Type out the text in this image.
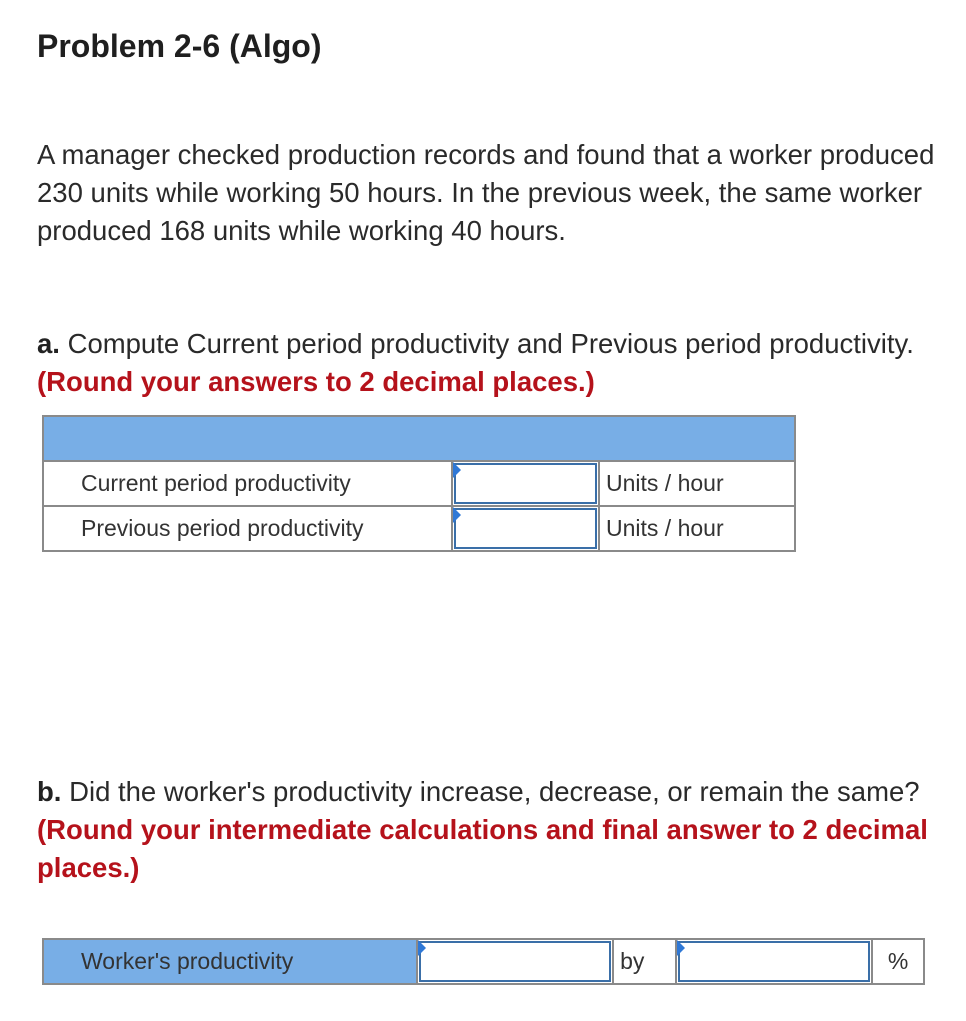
Problem 2-6 (Algo)

A manager checked production records and found that a worker produced 230 units while working 50 hours. In the previous week, the same worker produced 168 units while working 40 hours.

a. Compute Current period productivity and Previous period productivity. (Round your answers to 2 decimal places.)

Current period productivity		Units / hour
Previous period productivity		Units / hour

b. Did the worker's productivity increase, decrease, or remain the same? (Round your intermediate calculations and final answer to 2 decimal places.)

Worker's productivity		by		%
